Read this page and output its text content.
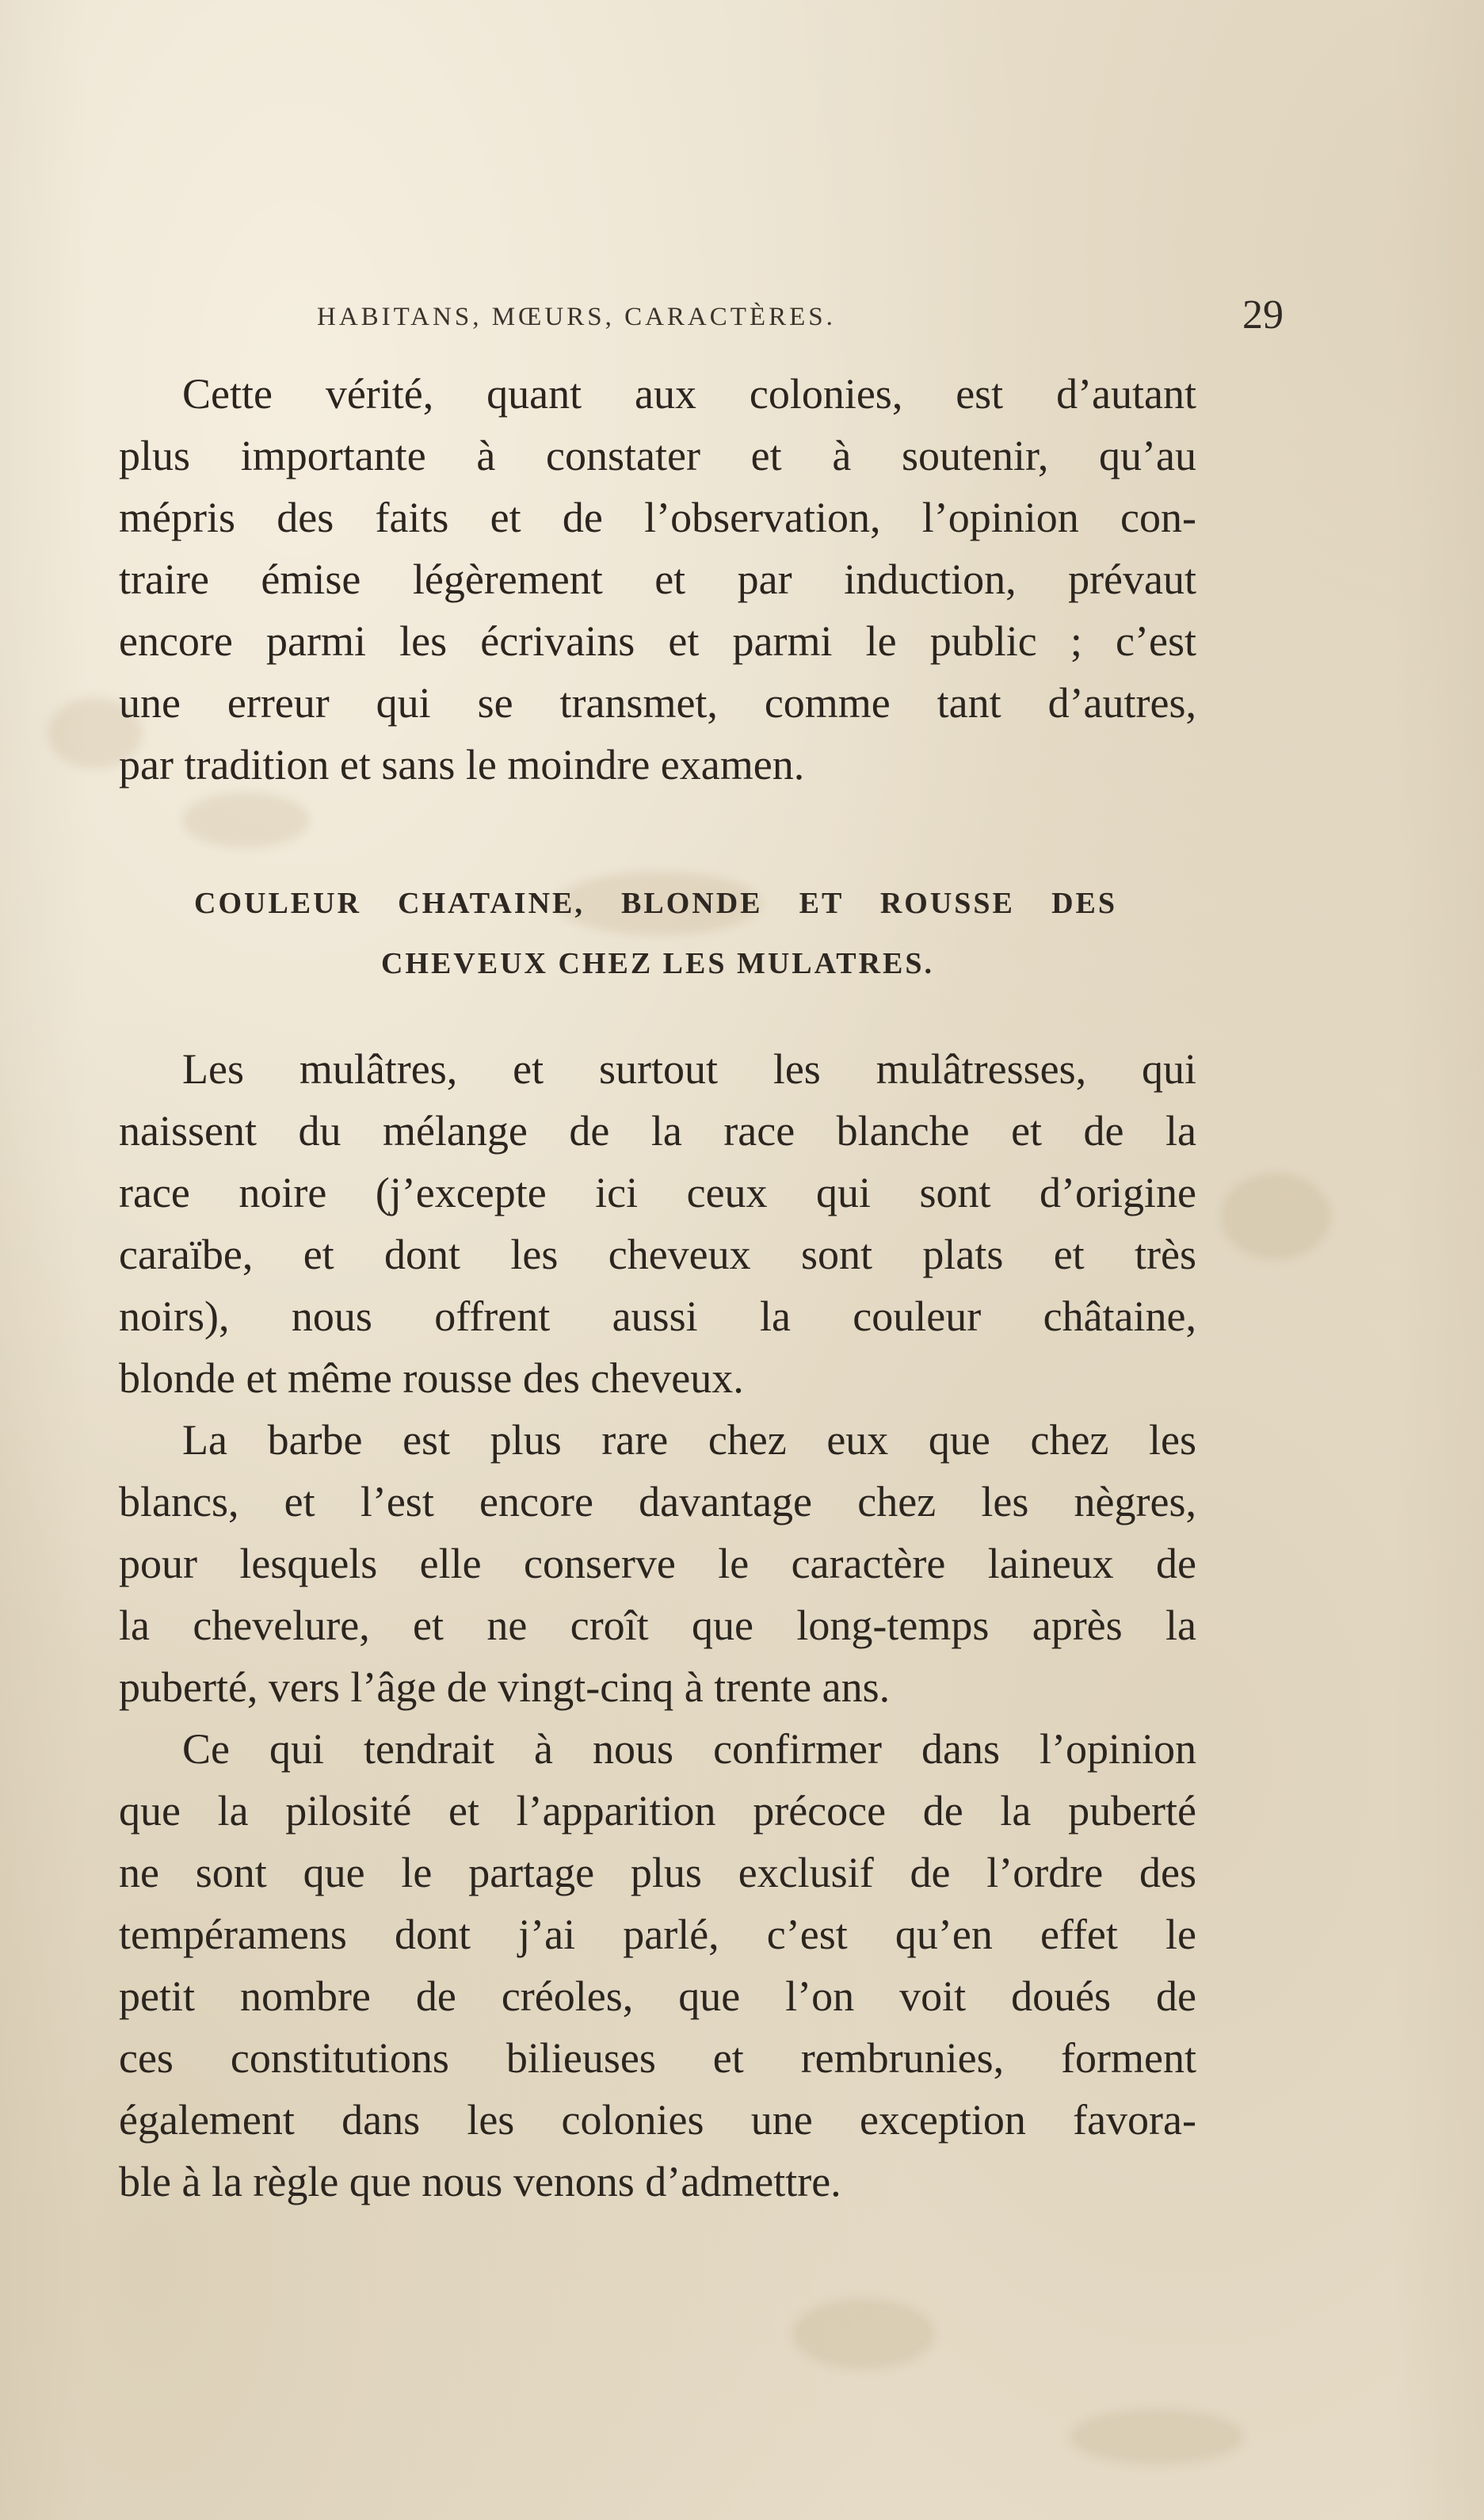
HABITANS, MŒURS, CARACTÈRES.	29
Cette vérité, quant aux colonies, est d’autant
plus importante à constater et à soutenir, qu’au
mépris des faits et de l’observation, l’opinion con-
traire émise légèrement et par induction, prévaut
encore parmi les écrivains et parmi le public ; c’est
une erreur qui se transmet, comme tant d’autres,
par tradition et sans le moindre examen.
COULEUR CHATAINE, BLONDE ET ROUSSE DES
CHEVEUX CHEZ LES MULATRES.
Les mulâtres, et surtout les mulâtresses, qui
naissent du mélange de la race blanche et de la
race noire (j’excepte ici ceux qui sont d’origine
caraïbe, et dont les cheveux sont plats et très
noirs), nous offrent aussi la couleur châtaine,
blonde et même rousse des cheveux.
La barbe est plus rare chez eux que chez les
blancs, et l’est encore davantage chez les nègres,
pour lesquels elle conserve le caractère laineux de
la chevelure, et ne croît que long-temps après la
puberté, vers l’âge de vingt-cinq à trente ans.
Ce qui tendrait à nous confirmer dans l’opinion
que la pilosité et l’apparition précoce de la puberté
ne sont que le partage plus exclusif de l’ordre des
tempéramens dont j’ai parlé, c’est qu’en effet le
petit nombre de créoles, que l’on voit doués de
ces constitutions bilieuses et rembrunies, forment
également dans les colonies une exception favora-
ble à la règle que nous venons d’admettre.
